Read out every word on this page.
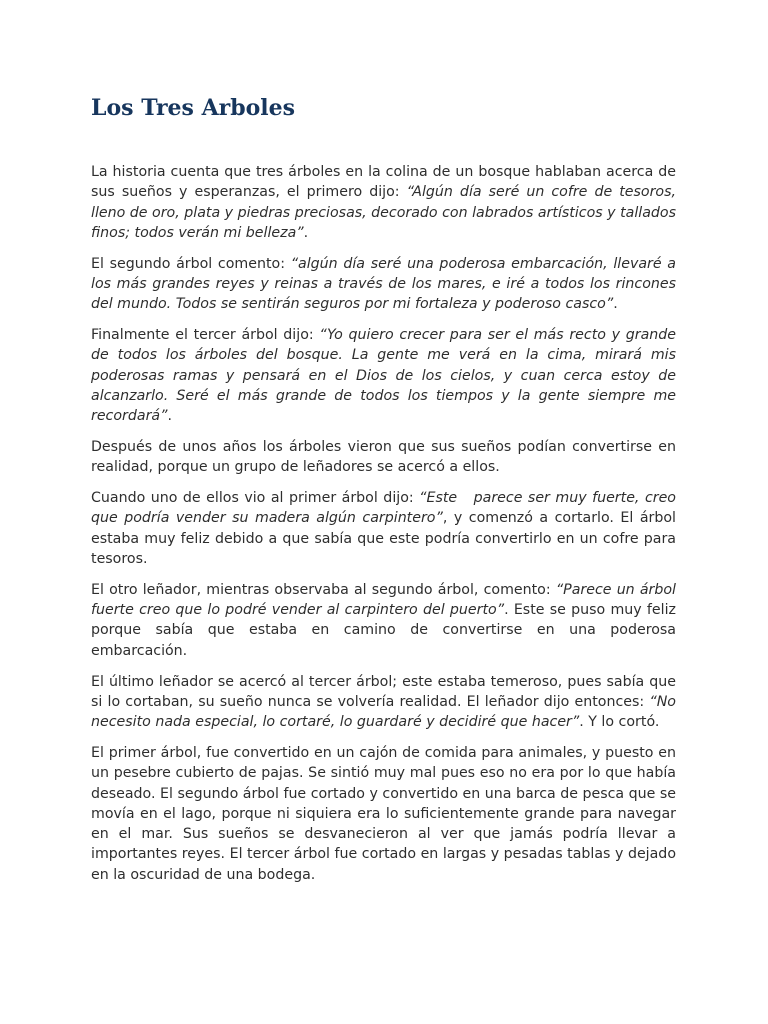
Los Tres Arboles

La historia cuenta que tres árboles en la colina de un bosque hablaban acerca de sus sueños y esperanzas, el primero dijo: “Algún día seré un cofre de tesoros, lleno de oro, plata y piedras preciosas, decorado con labrados artísticos y tallados finos; todos verán mi belleza”.

El segundo árbol comento: “algún día seré una poderosa embarcación, llevaré a los más grandes reyes y reinas a través de los mares, e iré a todos los rincones del mundo. Todos se sentirán seguros por mi fortaleza y poderoso casco”.

Finalmente el tercer árbol dijo: “Yo quiero crecer para ser el más recto y grande de todos los árboles del bosque. La gente me verá en la cima, mirará mis poderosas ramas y pensará en el Dios de los cielos, y cuan cerca estoy de alcanzarlo. Seré el más grande de todos los tiempos y la gente siempre me recordará”.

Después de unos años los árboles vieron que sus sueños podían convertirse en realidad, porque un grupo de leñadores se acercó a ellos.

Cuando uno de ellos vio al primer árbol dijo: “Este   parece ser muy fuerte, creo que podría vender su madera algún carpintero”, y comenzó a cortarlo. El árbol estaba muy feliz debido a que sabía que este podría convertirlo en un cofre para tesoros.

El otro leñador, mientras observaba al segundo árbol, comento: “Parece un árbol fuerte creo que lo podré vender al carpintero del puerto”. Este se puso muy feliz porque sabía que estaba en camino de convertirse en una poderosa embarcación.

El último leñador se acercó al tercer árbol; este estaba temeroso, pues sabía que si lo cortaban, su sueño nunca se volvería realidad. El leñador dijo entonces: “No necesito nada especial, lo cortaré, lo guardaré y decidiré que hacer”. Y lo cortó.

El primer árbol, fue convertido en un cajón de comida para animales, y puesto en un pesebre cubierto de pajas. Se sintió muy mal pues eso no era por lo que había deseado. El segundo árbol fue cortado y convertido en una barca de pesca que se movía en el lago, porque ni siquiera era lo suficientemente grande para navegar en el mar. Sus sueños se desvanecieron al ver que jamás podría llevar a importantes reyes. El tercer árbol fue cortado en largas y pesadas tablas y dejado en la oscuridad de una bodega.
